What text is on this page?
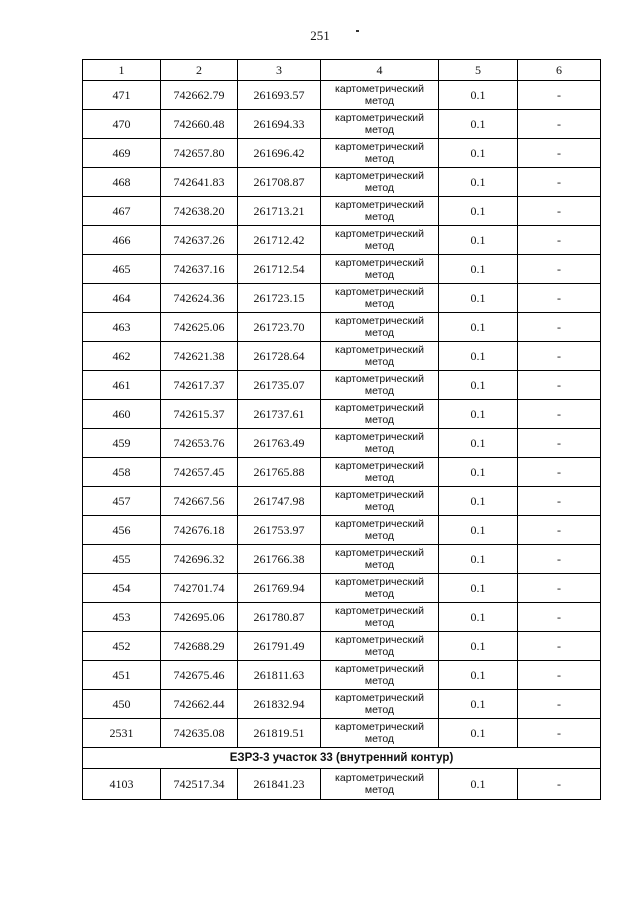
251
1	2	3	4	5	6
471	742662.79	261693.57	картометрический метод	0.1	-
470	742660.48	261694.33	картометрический метод	0.1	-
469	742657.80	261696.42	картометрический метод	0.1	-
468	742641.83	261708.87	картометрический метод	0.1	-
467	742638.20	261713.21	картометрический метод	0.1	-
466	742637.26	261712.42	картометрический метод	0.1	-
465	742637.16	261712.54	картометрический метод	0.1	-
464	742624.36	261723.15	картометрический метод	0.1	-
463	742625.06	261723.70	картометрический метод	0.1	-
462	742621.38	261728.64	картометрический метод	0.1	-
461	742617.37	261735.07	картометрический метод	0.1	-
460	742615.37	261737.61	картометрический метод	0.1	-
459	742653.76	261763.49	картометрический метод	0.1	-
458	742657.45	261765.88	картометрический метод	0.1	-
457	742667.56	261747.98	картометрический метод	0.1	-
456	742676.18	261753.97	картометрический метод	0.1	-
455	742696.32	261766.38	картометрический метод	0.1	-
454	742701.74	261769.94	картометрический метод	0.1	-
453	742695.06	261780.87	картометрический метод	0.1	-
452	742688.29	261791.49	картометрический метод	0.1	-
451	742675.46	261811.63	картометрический метод	0.1	-
450	742662.44	261832.94	картометрический метод	0.1	-
2531	742635.08	261819.51	картометрический метод	0.1	-
ЕЗРЗ-3 участок 33 (внутренний контур)					
4103	742517.34	261841.23	картометрический метод	0.1	-
